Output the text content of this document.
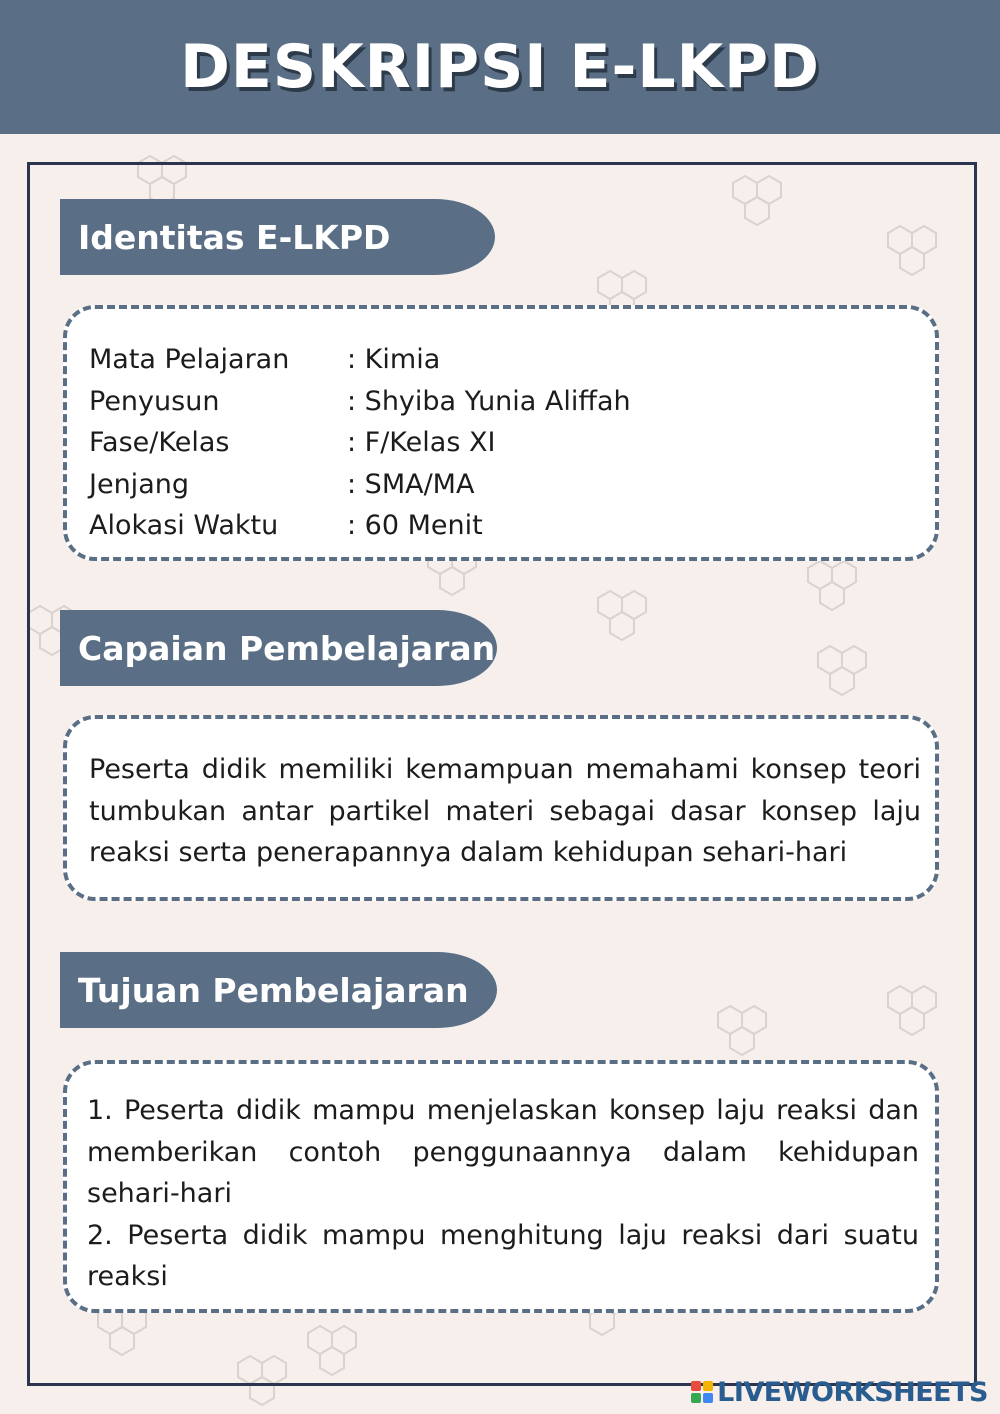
DESKRIPSI E-LKPD
Identitas E-LKPD
Mata Pelajaran	: Kimia
Penyusun	: Shyiba Yunia Aliffah
Fase/Kelas	: F/Kelas XI
Jenjang	: SMA/MA
Alokasi Waktu	: 60 Menit
Capaian Pembelajaran

Peserta didik memiliki kemampuan memahami konsep teori tumbukan antar partikel materi sebagai dasar konsep laju reaksi serta penerapannya dalam kehidupan sehari-hari

Tujuan Pembelajaran

1. Peserta didik mampu menjelaskan konsep laju reaksi dan memberikan contoh penggunaannya dalam kehidupan sehari-hari

2. Peserta didik mampu menghitung laju reaksi dari suatu reaksi

LIVEWORKSHEETS
